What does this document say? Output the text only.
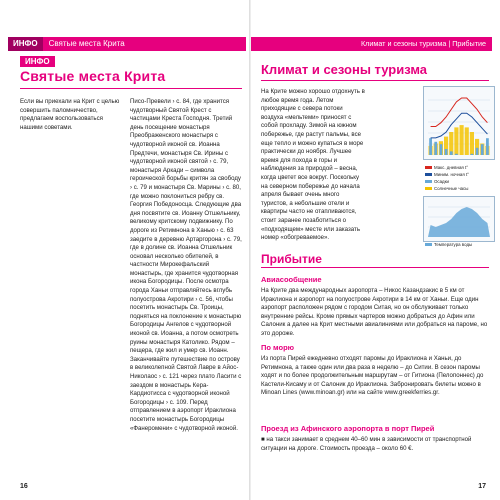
ИНФО	Святые места Крита
ИНФО
Святые места Крита
Если вы приехали на Крит с целью совершить паломничество, предлагаем воспользоваться нашими советами.
Писо-Превели › с. 84, где хранится чудотворный Святой Крест с частицами Креста Господня. Третий день посещение монастыря Преображенского монастыря с чудотворной иконой св. Иоанна Предтечи, монастыря Св. Ирины с чудотворной иконой святой › с. 79, монастыря Аркади – символа героической борьбы критян за свободу › с. 79 и монастыря Св. Марины › с. 80, где можно поклониться ребру св. Георгия Победоносца. Следующие два дня посвятите св. Иоанну Отшельнику, великому критскому подвижнику. По дороге из Ретимнона в Ханью › с. 63 заедите в деревню Артаргорона › с. 79, где в долине св. Иоанна Отшельник основал несколько обителей, в частности Мирокефальский монастырь, где хранится чудотворная икона Богородицы. После осмотра города Ханьи отправляйтесь вглубь полуострова Акротири › с. 56, чтобы посетить монастырь Св. Троицы, подняться на поклонение к монастырю Богородицы Ангелов с чудотворной иконой св. Иоанна, а потом осмотреть руины монастыря Католико. Рядом – пещера, где жил и умер св. Иоанн. Заканчивайте путешествие по острову в великолепной Святой Лавре в Айос-Николаос › с. 121 через плато Ласити с заездом в монастырь Кера-Кардиотисса с чудотворной иконой Богородицы › с. 109. Перед отправлением в аэропорт Ираклиона посетите монастырь Богородицы «Фанеромени» с чудотворной иконой.
16
Климат и сезоны туризма | Прибытие
Климат и сезоны туризма
На Крите можно хорошо отдохнуть в любое время года. Летом приходящие с севера потоки воздуха «мельтеми» приносят с собой прохладу. Зимой на южном побережье, где растут пальмы, все еще тепло и можно купаться в море практически до ноября. Лучшее время для похода в горы и наблюдения за природой – весна, когда цветет все вокруг. Поскольку на северном побережье до начала апреля бывает очень много туристов, а небольшие отели и квартиры часто не отапливаются, стоит заранее позаботиться о «подходящем» месте или заказать номер «обогреваемое».
Макс. дневная t°
Миним. ночная t°
Осадки
Солнечные часы
Температура воды
Прибытие
Авиасообщение
На Крите два международных аэропорта – Никос Казандзакис в 5 км от Ираклиона и аэропорт на полуострове Акротири в 14 км от Ханьи. Еще один аэропорт расположен рядом с городом Ситая, но он обслуживает только внутренние рейсы. Кроме прямых чартеров можно добраться до Афин или Салоник а далее на Крит местными авиалиниями или добраться на пароме, но это дороже.
По морю
Из порта Пирей ежедневно отходят паромы до Ираклиона и Ханьи, до Ретимнона, а также один или два раза в неделю – до Ситии. В сезон паромы ходят и по более продолжительным маршрутам – от Гитиона (Пелопоннес) до Кастели-Кисаму и от Салоник до Ираклиона. Забронировать билеты можно в Minoan Lines (www.minoan.gr) или на сайте www.greekferries.gr.
Проезд из Афинского аэропорта в порт Пирей
■ на такси занимает в среднем 40–60 мин в зависимости от транспортной ситуации на дороге. Стоимость проезда – около 60 €.
17
